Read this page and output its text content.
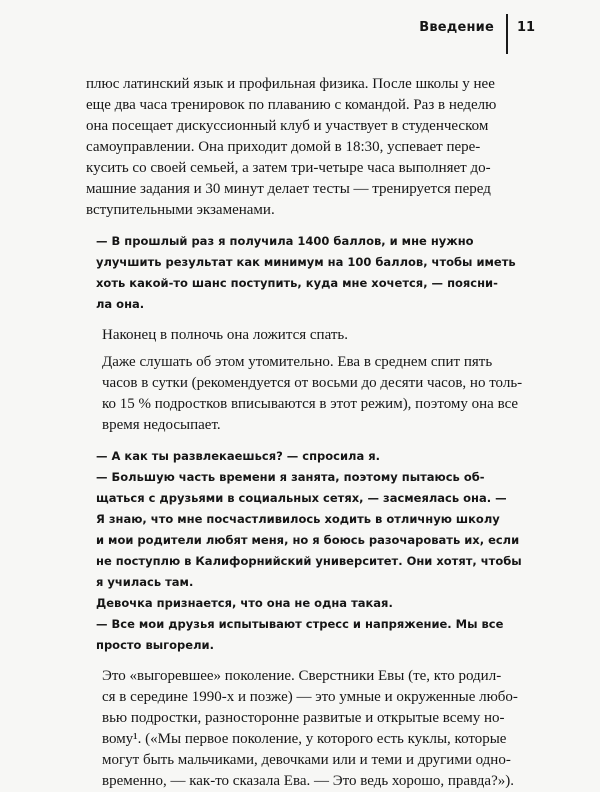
Введение 11
плюс латинский язык и профильная физика. После школы у нее
еще два часа тренировок по плаванию с командой. Раз в неделю
она посещает дискуссионный клуб и участвует в студенческом
самоуправлении. Она приходит домой в 18:30, успевает пере-
кусить со своей семьей, а затем три-четыре часа выполняет до-
машние задания и 30 минут делает тесты — тренируется перед
вступительными экзаменами.
— В прошлый раз я получила 1400 баллов, и мне нужно
улучшить результат как минимум на 100 баллов, чтобы иметь
хоть какой-то шанс поступить, куда мне хочется, — поясни-
ла она.
Наконец в полночь она ложится спать.
Даже слушать об этом утомительно. Ева в среднем спит пять
часов в сутки (рекомендуется от восьми до десяти часов, но толь-
ко 15 % подростков вписываются в этот режим), поэтому она все
время недосыпает.
— А как ты развлекаешься? — спросила я.
— Большую часть времени я занята, поэтому пытаюсь об-
щаться с друзьями в социальных сетях, — засмеялась она. —
Я знаю, что мне посчастливилось ходить в отличную школу
и мои родители любят меня, но я боюсь разочаровать их, если
не поступлю в Калифорнийский университет. Они хотят, чтобы
я училась там.
Девочка признается, что она не одна такая.
— Все мои друзья испытывают стресс и напряжение. Мы все
просто выгорели.
Это «выгоревшее» поколение. Сверстники Евы (те, кто родил-
ся в середине 1990-х и позже) — это умные и окруженные любо-
вью подростки, разносторонне развитые и открытые всему но-
вому¹. («Мы первое поколение, у которого есть куклы, которые
могут быть мальчиками, девочками или и теми и другими одно-
временно, — как-то сказала Ева. — Это ведь хорошо, правда?»).
